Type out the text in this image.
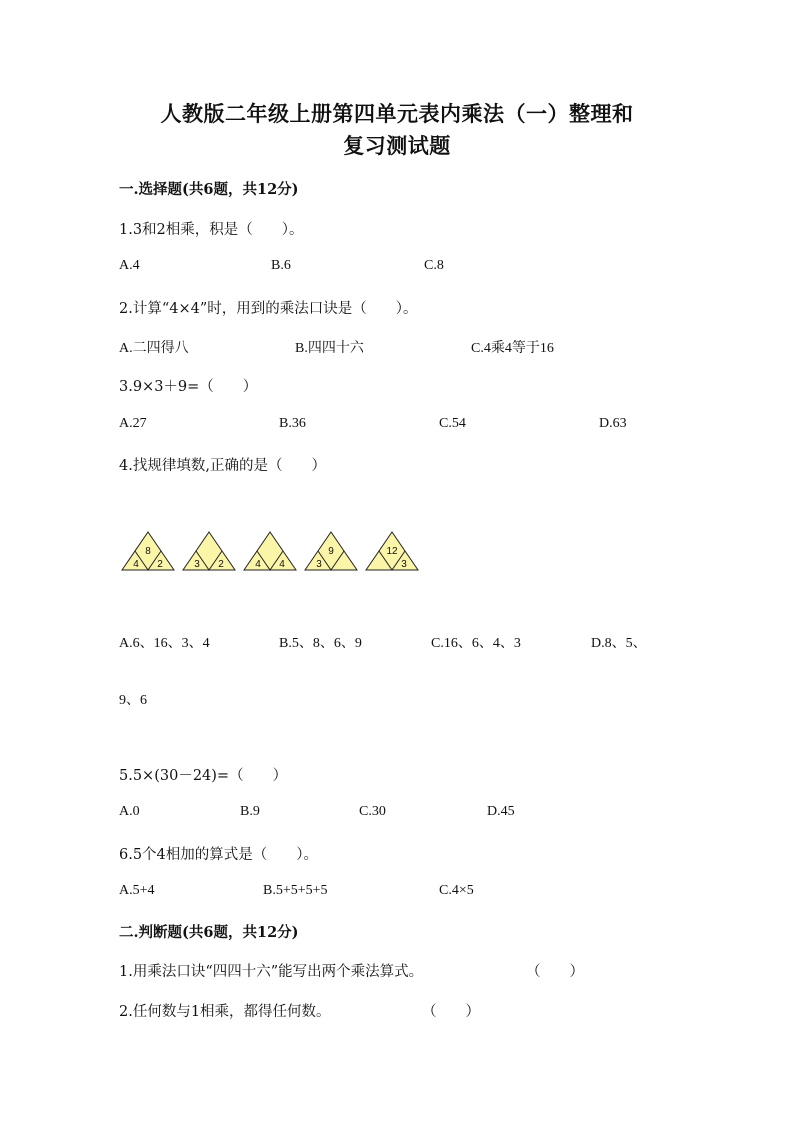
人教版二年级上册第四单元表内乘法（一）整理和
复习测试题
一.选择题(共6题，共12分)
1.3和2相乘，积是（　　）。
A.4	B.6	C.8
2.计算“4×4”时，用到的乘法口诀是（　　）。
A.二四得八	B.四四十六	C.4乘4等于16
3.9×3＋9=（　　）
A.27	B.36	C.54	D.63
4.找规律填数,正确的是（　　）
8
4 2	3 2	4 4
9
3
12
3
A.6、16、3、4	B.5、8、6、9	C.16、6、4、3	D.8、5、
9、6
5.5×(30－24)=（　　）
A.0	B.9	C.30	D.45
6.5个4相加的算式是（　　）。
A.5+4	B.5+5+5+5	C.4×5
二.判断题(共6题，共12分)
1.用乘法口诀“四四十六”能写出两个乘法算式。	（　　）
2.任何数与1相乘，都得任何数。	（　　）
